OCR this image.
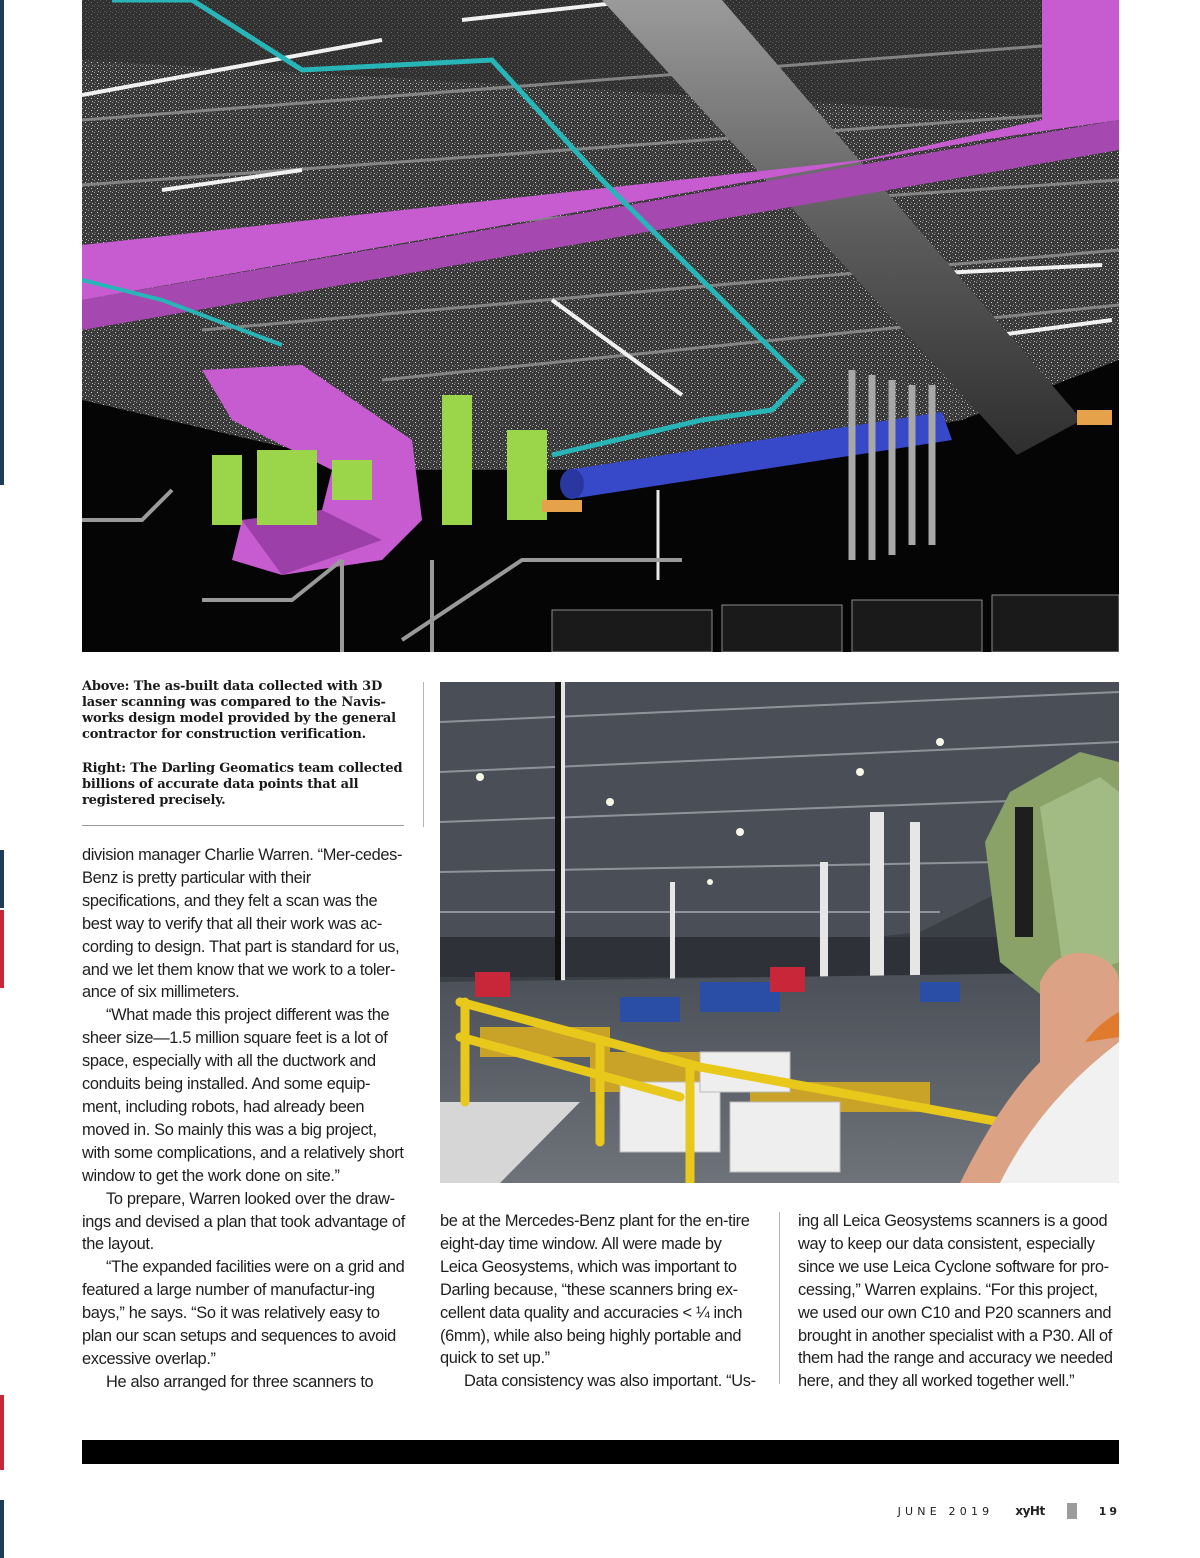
Above: The as-built data collected with 3D laser scanning was compared to the Navis-works design model provided by the general contractor for construction verification.

Right: The Darling Geomatics team collected billions of accurate data points that all registered precisely.

division manager Charlie Warren. “Mer-cedes-Benz is pretty particular with their specifications, and they felt a scan was the best way to verify that all their work was ac-cording to design. That part is standard for us, and we let them know that we work to a toler-ance of six millimeters.

“What made this project different was the sheer size—1.5 million square feet is a lot of space, especially with all the ductwork and conduits being installed. And some equip-ment, including robots, had already been moved in. So mainly this was a big project, with some complications, and a relatively short window to get the work done on site.”

To prepare, Warren looked over the draw-ings and devised a plan that took advantage of the layout.

“The expanded facilities were on a grid and featured a large number of manufactur-ing bays,” he says. “So it was relatively easy to plan our scan setups and sequences to avoid excessive overlap.”

He also arranged for three scanners to

be at the Mercedes-Benz plant for the en-tire eight-day time window. All were made by Leica Geosystems, which was important to Darling because, “these scanners bring ex-cellent data quality and accuracies < ¼ inch (6mm), while also being highly portable and quick to set up.”

Data consistency was also important. “Us-

ing all Leica Geosystems scanners is a good way to keep our data consistent, especially since we use Leica Cyclone software for pro-cessing,” Warren explains. “For this project, we used our own C10 and P20 scanners and brought in another specialist with a P30. All of them had the range and accuracy we needed here, and they all worked together well.”

JUNE 2019 xyHt	19
